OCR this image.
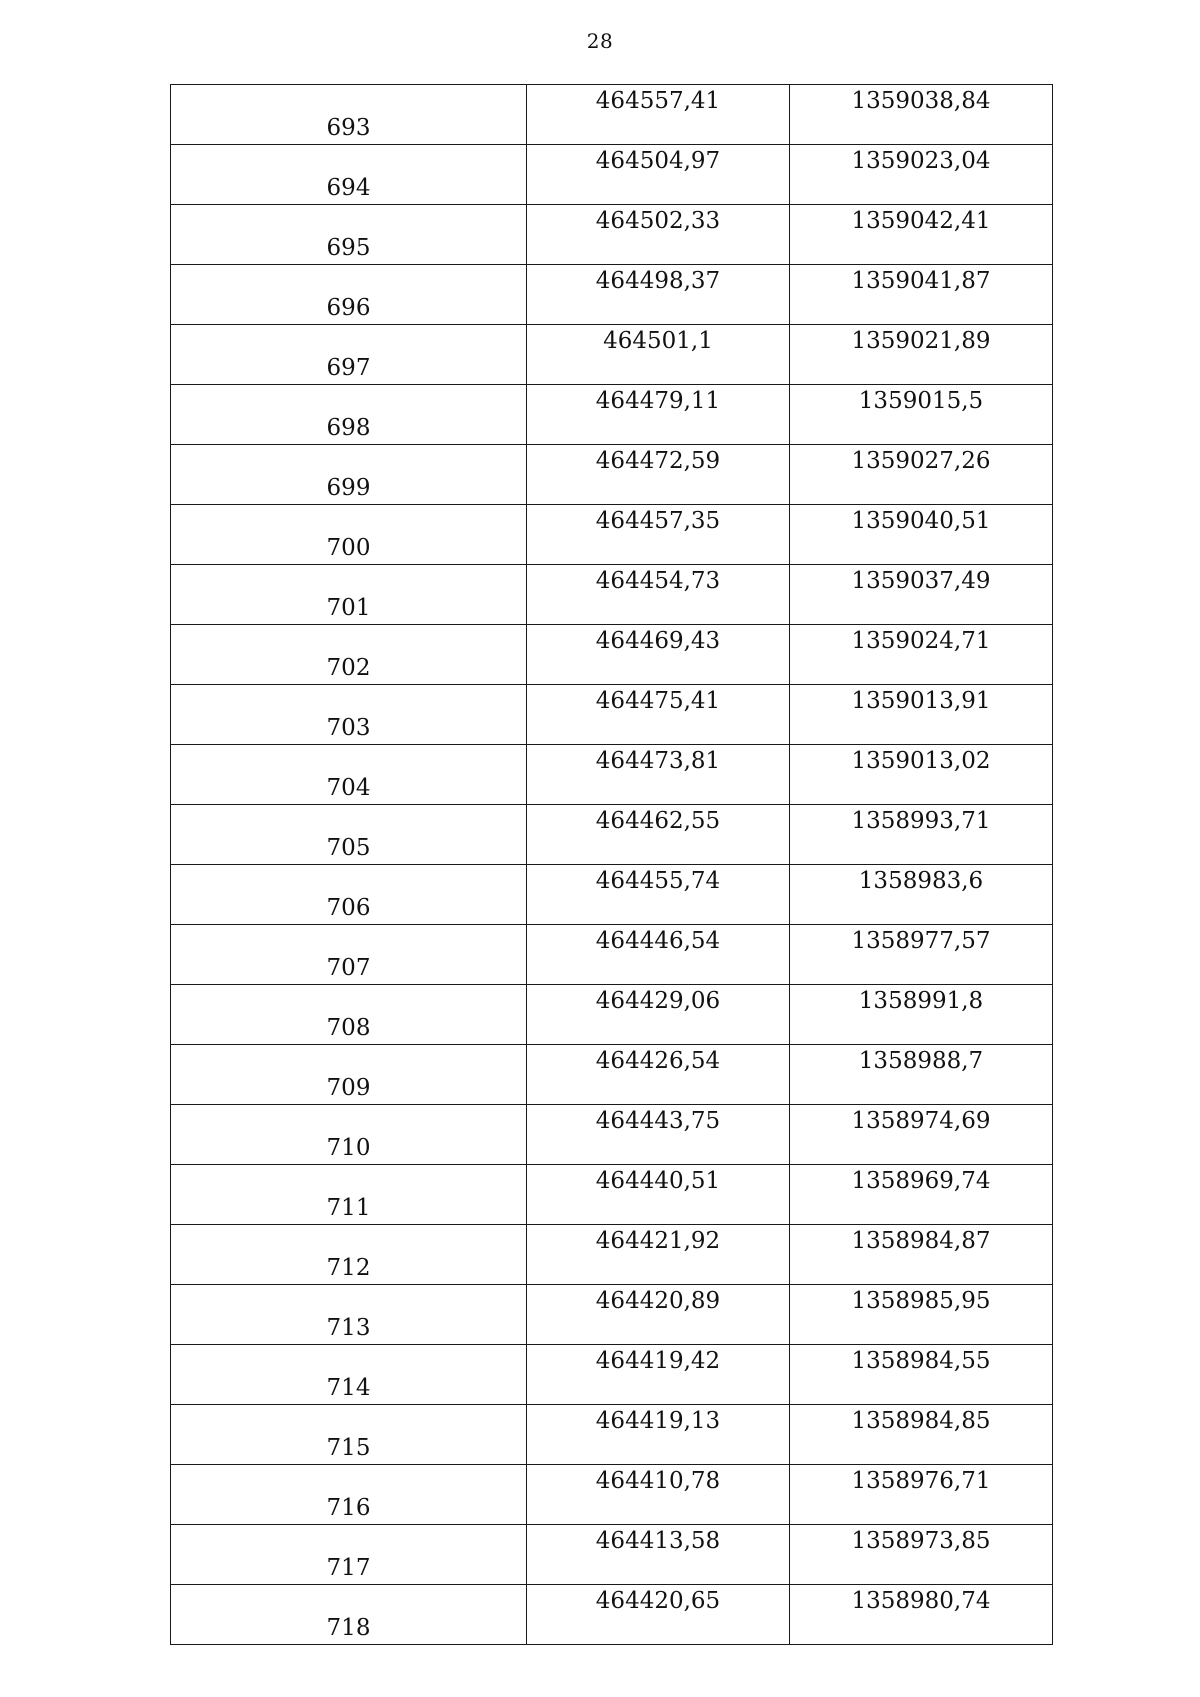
28
693	464557,41	1359038,84
694	464504,97	1359023,04
695	464502,33	1359042,41
696	464498,37	1359041,87
697	464501,1	1359021,89
698	464479,11	1359015,5
699	464472,59	1359027,26
700	464457,35	1359040,51
701	464454,73	1359037,49
702	464469,43	1359024,71
703	464475,41	1359013,91
704	464473,81	1359013,02
705	464462,55	1358993,71
706	464455,74	1358983,6
707	464446,54	1358977,57
708	464429,06	1358991,8
709	464426,54	1358988,7
710	464443,75	1358974,69
711	464440,51	1358969,74
712	464421,92	1358984,87
713	464420,89	1358985,95
714	464419,42	1358984,55
715	464419,13	1358984,85
716	464410,78	1358976,71
717	464413,58	1358973,85
718	464420,65	1358980,74
